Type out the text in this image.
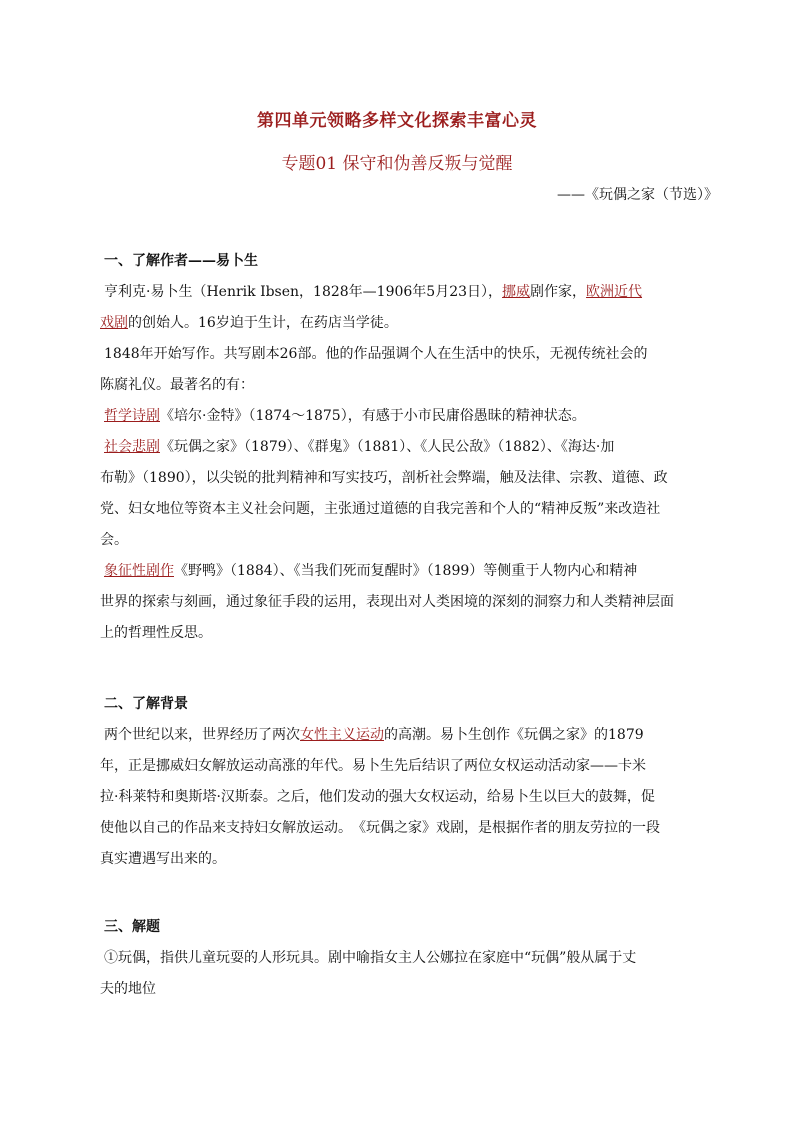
第四单元领略多样文化探索丰富心灵
专题01 保守和伪善反叛与觉醒
——《玩偶之家（节选）》
一、了解作者——易卜生
亨利克·易卜生（Henrik Ibsen，1828年—1906年5月23日），挪威剧作家，欧洲近代
戏剧的创始人。16岁迫于生计，在药店当学徒。
1848年开始写作。共写剧本26部。他的作品强调个人在生活中的快乐，无视传统社会的
陈腐礼仪。最著名的有：
哲学诗剧《培尔·金特》（1874～1875），有感于小市民庸俗愚昧的精神状态。
社会悲剧《玩偶之家》（1879）、《群鬼》（1881）、《人民公敌》（1882）、《海达·加
布勒》（1890），以尖锐的批判精神和写实技巧，剖析社会弊端，触及法律、宗教、道德、政
党、妇女地位等资本主义社会问题，主张通过道德的自我完善和个人的“精神反叛”来改造社
会。
象征性剧作《野鸭》（1884）、《当我们死而复醒时》（1899）等侧重于人物内心和精神
世界的探索与刻画，通过象征手段的运用，表现出对人类困境的深刻的洞察力和人类精神层面
上的哲理性反思。
二、了解背景
两个世纪以来，世界经历了两次女性主义运动的高潮。易卜生创作《玩偶之家》的1879
年，正是挪威妇女解放运动高涨的年代。易卜生先后结识了两位女权运动活动家——卡米
拉·科莱特和奥斯塔·汉斯泰。之后，他们发动的强大女权运动，给易卜生以巨大的鼓舞，促
使他以自己的作品来支持妇女解放运动。　《玩偶之家》戏剧，是根据作者的朋友劳拉的一段
真实遭遇写出来的。
三、解题
①玩偶，指供儿童玩耍的人形玩具。剧中喻指女主人公娜拉在家庭中“玩偶”般从属于丈
夫的地位
